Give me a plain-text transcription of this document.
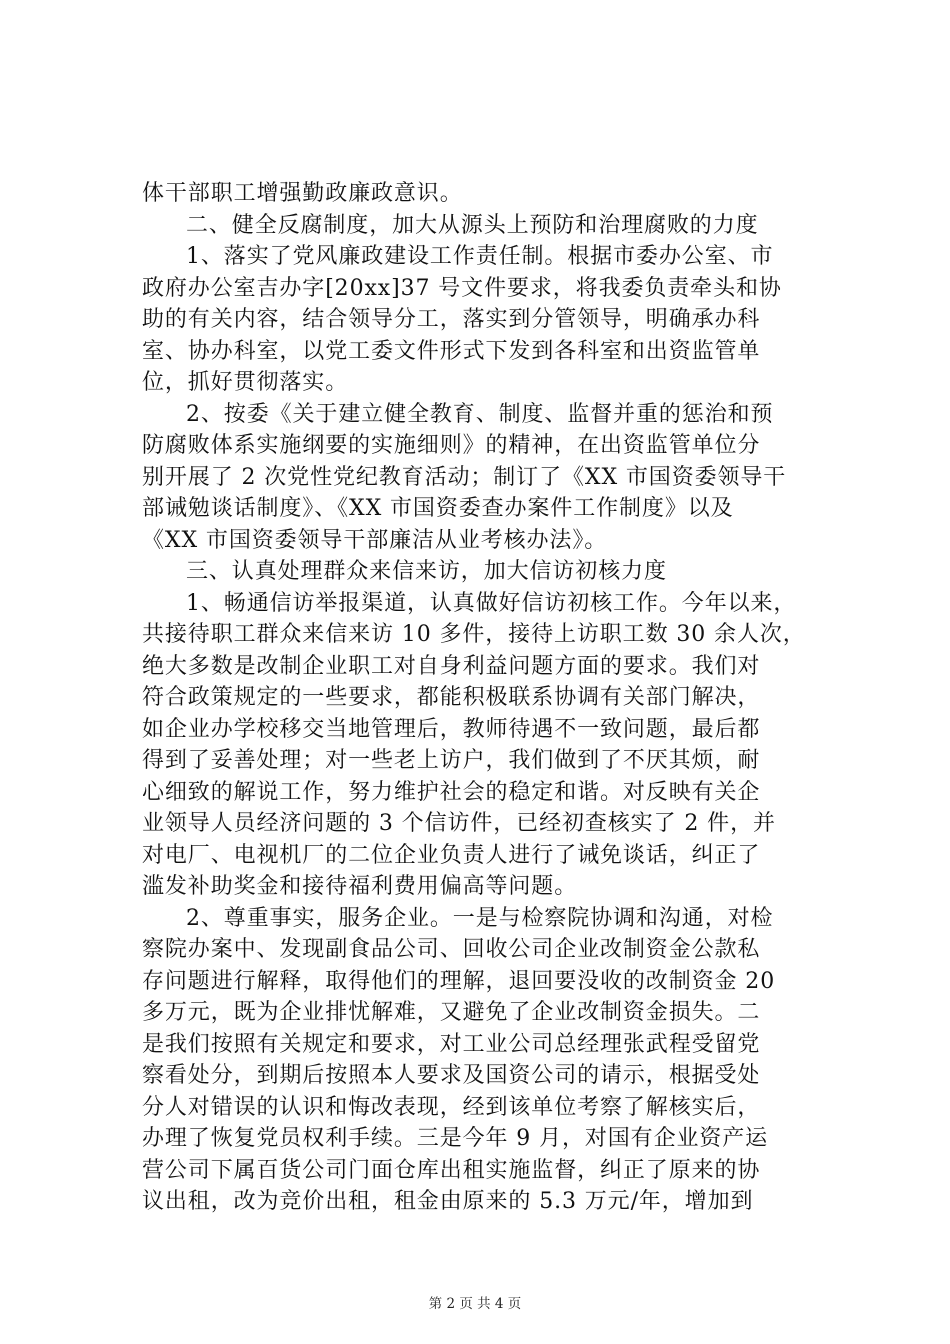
体干部职工增强勤政廉政意识。
二、健全反腐制度，加大从源头上预防和治理腐败的力度
1、落实了党风廉政建设工作责任制。根据市委办公室、市
政府办公室吉办字[20xx]37 号文件要求，将我委负责牵头和协
助的有关内容，结合领导分工，落实到分管领导，明确承办科
室、协办科室，以党工委文件形式下发到各科室和出资监管单
位，抓好贯彻落实。
2、按委《关于建立健全教育、制度、监督并重的惩治和预
防腐败体系实施纲要的实施细则》的精神，在出资监管单位分
别开展了 2 次党性党纪教育活动；制订了《XX 市国资委领导干
部诫勉谈话制度》、《XX 市国资委查办案件工作制度》以及
《XX 市国资委领导干部廉洁从业考核办法》。
三、认真处理群众来信来访，加大信访初核力度
1、畅通信访举报渠道，认真做好信访初核工作。今年以来，
共接待职工群众来信来访 10 多件，接待上访职工数 30 余人次，
绝大多数是改制企业职工对自身利益问题方面的要求。我们对
符合政策规定的一些要求，都能积极联系协调有关部门解决，
如企业办学校移交当地管理后，教师待遇不一致问题，最后都
得到了妥善处理；对一些老上访户，我们做到了不厌其烦，耐
心细致的解说工作，努力维护社会的稳定和谐。对反映有关企
业领导人员经济问题的 3 个信访件，已经初查核实了 2 件，并
对电厂、电视机厂的二位企业负责人进行了诫免谈话，纠正了
滥发补助奖金和接待福利费用偏高等问题。
2、尊重事实，服务企业。一是与检察院协调和沟通，对检
察院办案中、发现副食品公司、回收公司企业改制资金公款私
存问题进行解释，取得他们的理解，退回要没收的改制资金 20
多万元，既为企业排忧解难，又避免了企业改制资金损失。二
是我们按照有关规定和要求，对工业公司总经理张武程受留党
察看处分，到期后按照本人要求及国资公司的请示，根据受处
分人对错误的认识和悔改表现，经到该单位考察了解核实后，
办理了恢复党员权利手续。三是今年 9 月，对国有企业资产运
营公司下属百货公司门面仓库出租实施监督，纠正了原来的协
议出租，改为竞价出租，租金由原来的 5.3 万元/年，增加到
第 2 页 共 4 页
